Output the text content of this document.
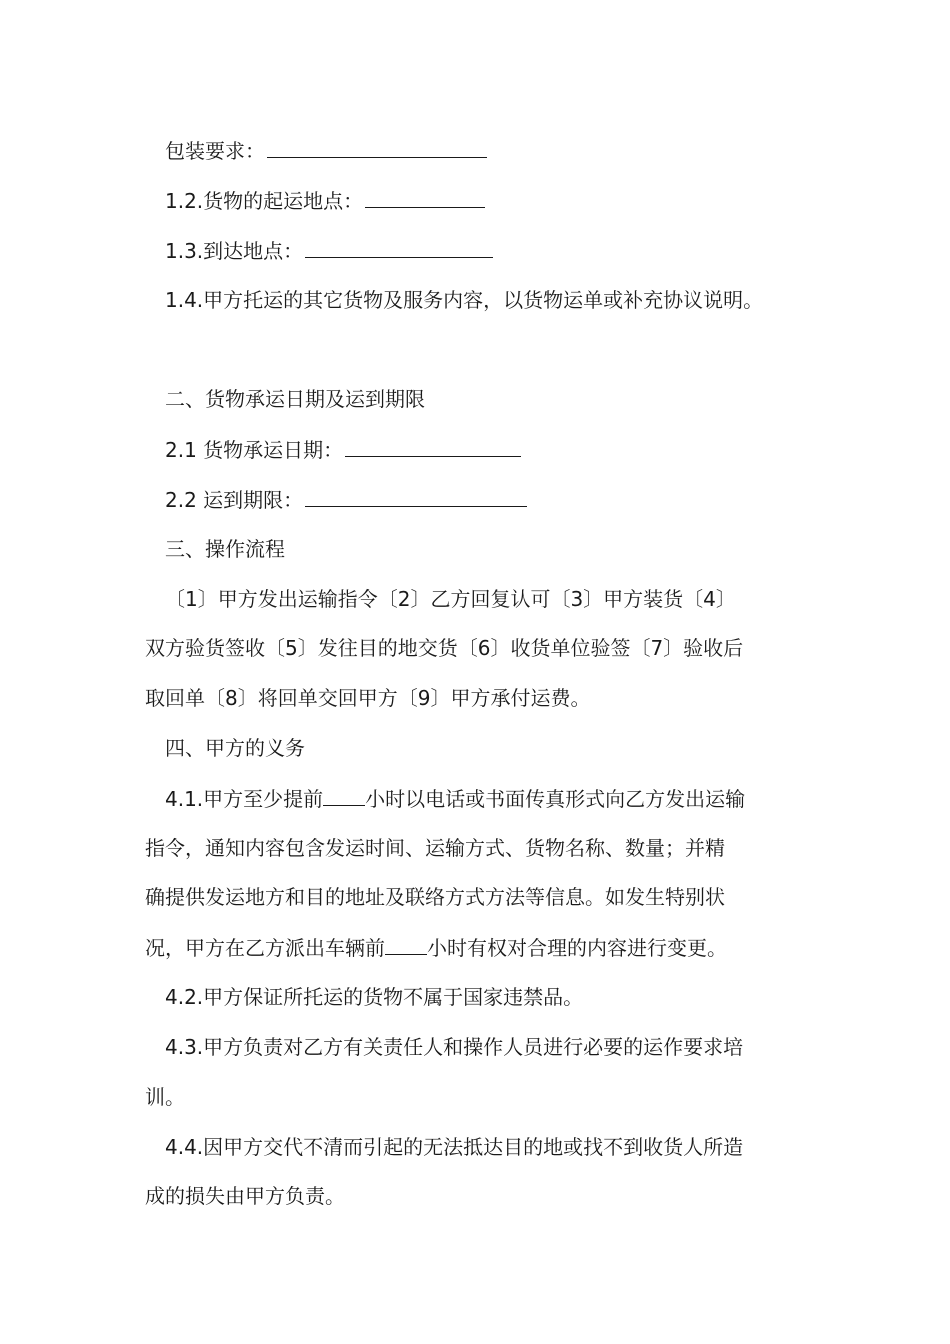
包装要求：
1.2.货物的起运地点：
1.3.到达地点：
1.4.甲方托运的其它货物及服务内容，以货物运单或补充协议说明。
二、货物承运日期及运到期限
2.1 货物承运日期：
2.2 运到期限：
三、操作流程
〔1〕甲方发出运输指令〔2〕乙方回复认可〔3〕甲方装货〔4〕
双方验货签收〔5〕发往目的地交货〔6〕收货单位验签〔7〕验收后
取回单〔8〕将回单交回甲方〔9〕甲方承付运费。
四、甲方的义务
4.1.甲方至少提前 小时以电话或书面传真形式向乙方发出运输
指令，通知内容包含发运时间、运输方式、货物名称、数量；并精
确提供发运地方和目的地址及联络方式方法等信息。如发生特别状
况，甲方在乙方派出车辆前 小时有权对合理的内容进行变更。
4.2.甲方保证所托运的货物不属于国家违禁品。
4.3.甲方负责对乙方有关责任人和操作人员进行必要的运作要求培
训。
4.4.因甲方交代不清而引起的无法抵达目的地或找不到收货人所造
成的损失由甲方负责。
